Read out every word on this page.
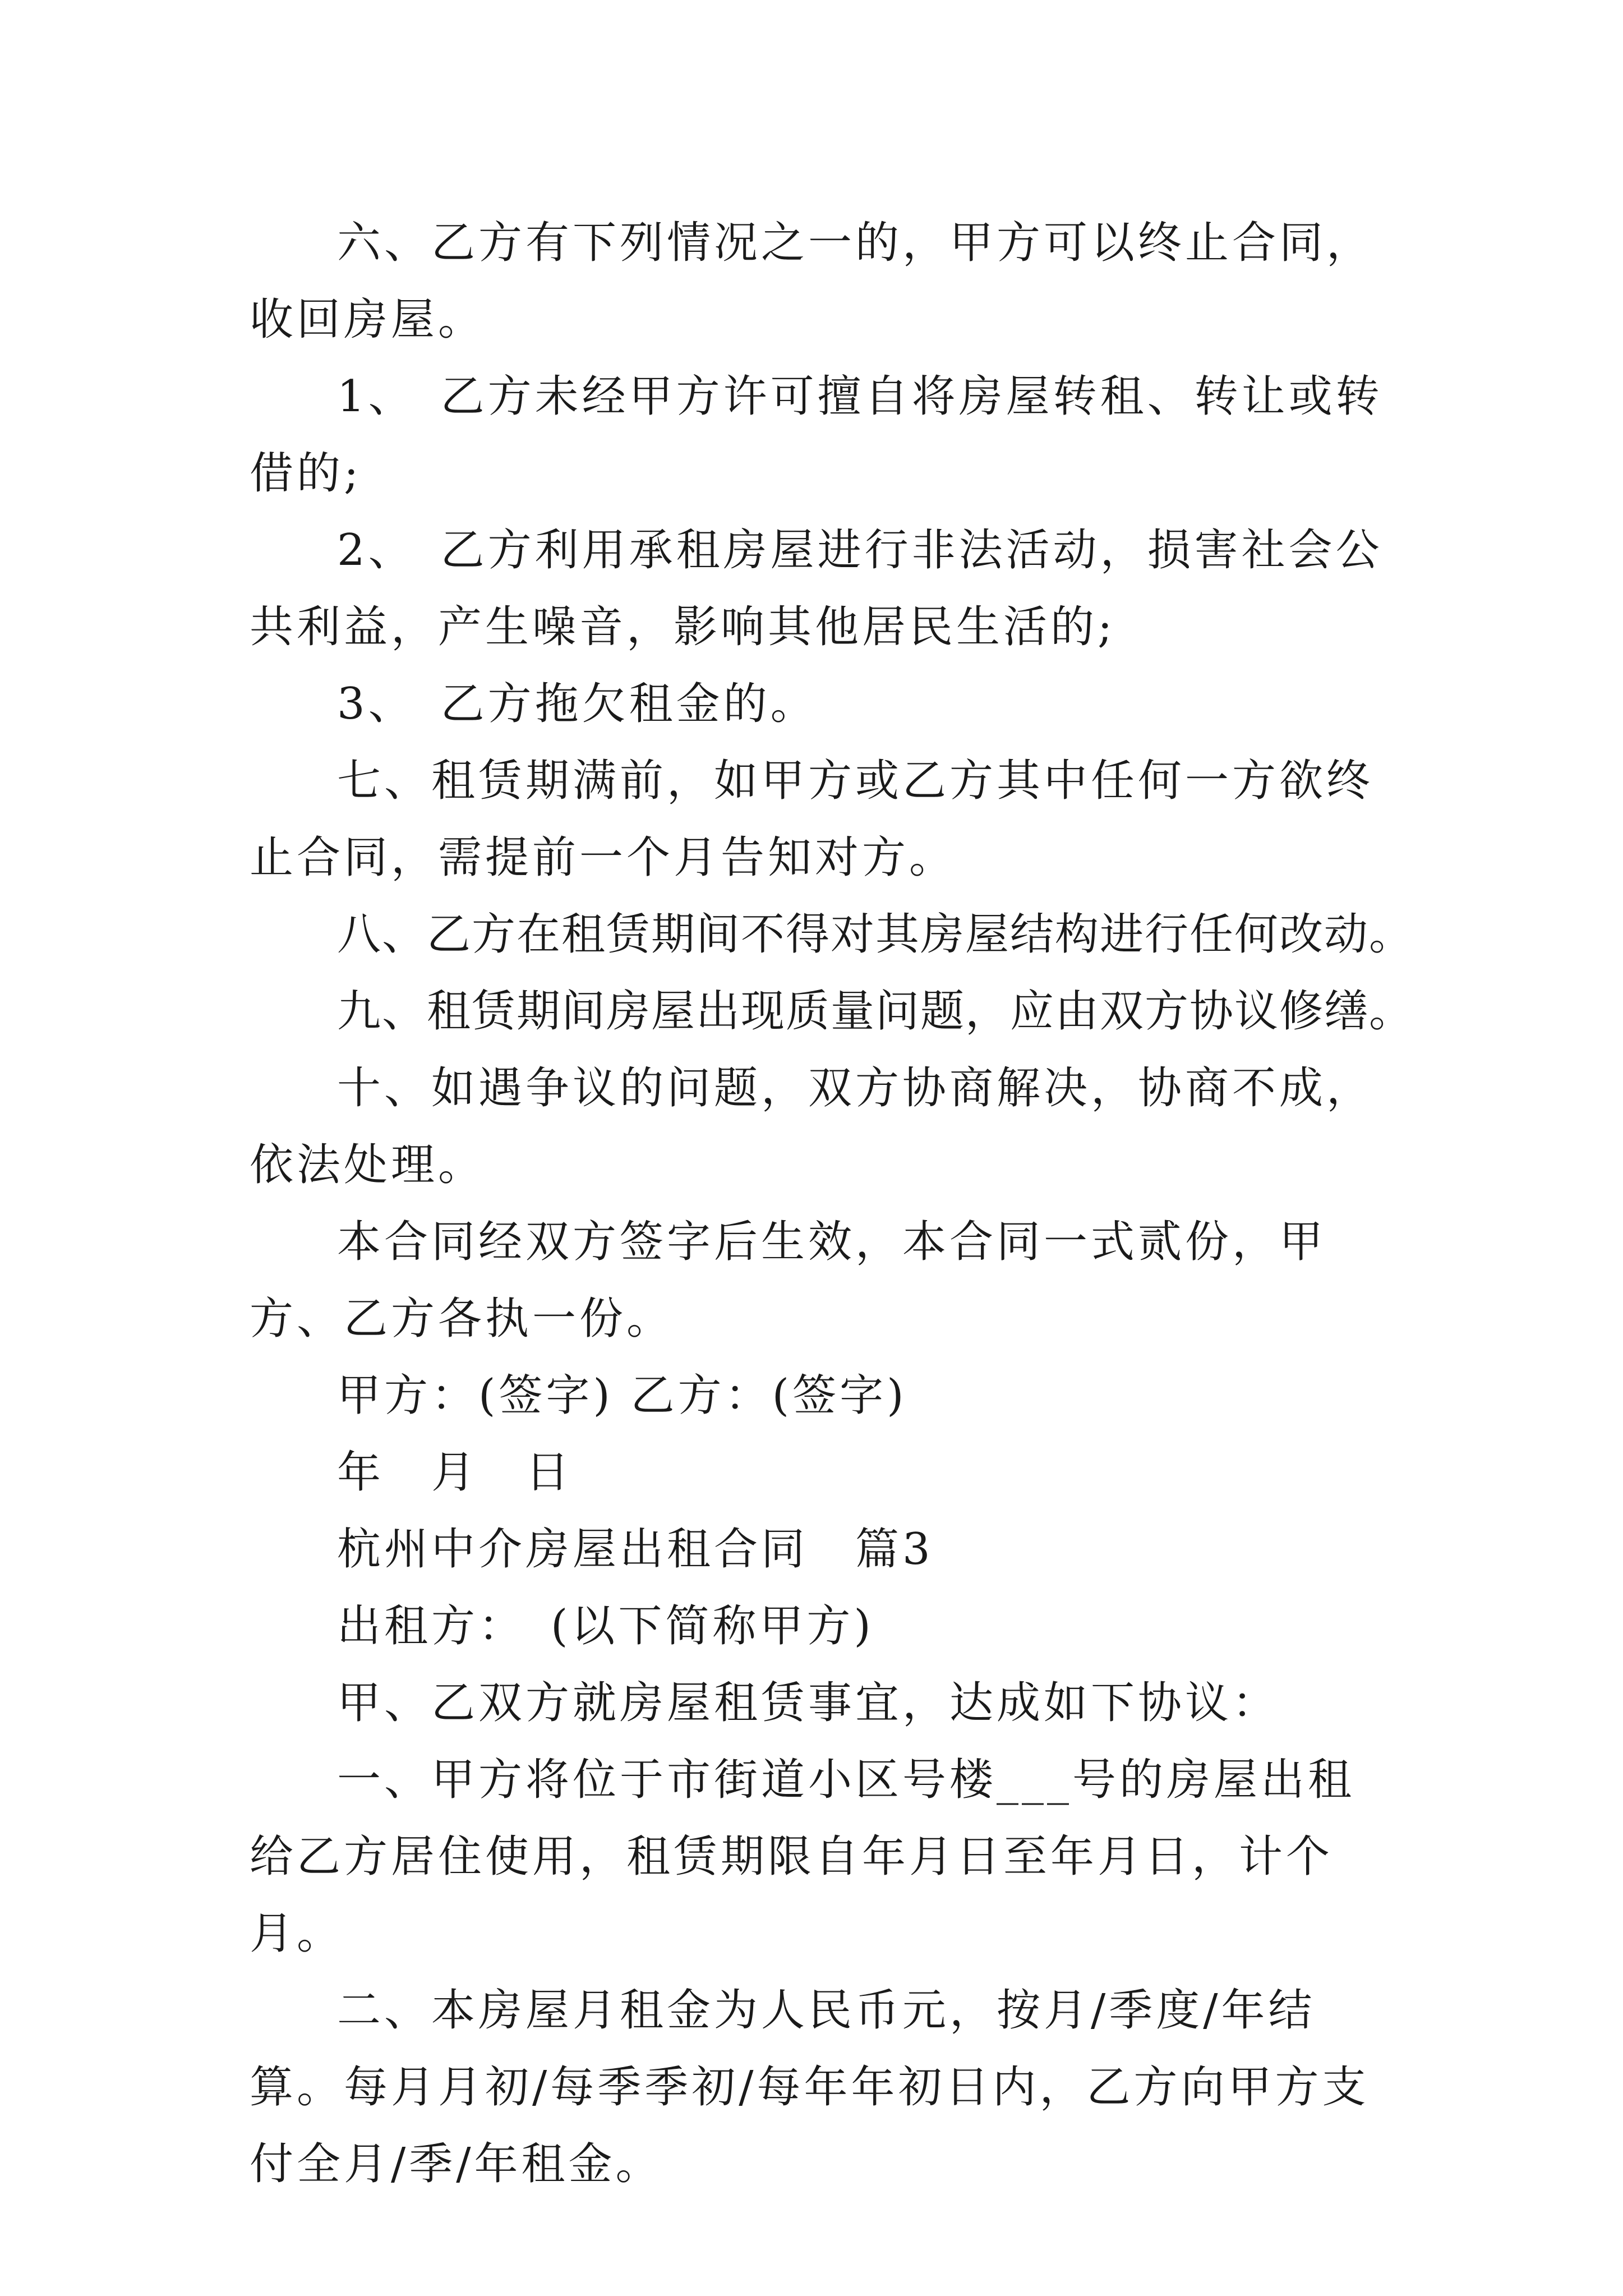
六、乙方有下列情况之一的，甲方可以终止合同，收回房屋。

1、　乙方未经甲方许可擅自将房屋转租、转让或转借的;

2、　乙方利用承租房屋进行非法活动，损害社会公共利益，产生噪音，影响其他居民生活的;

3、　乙方拖欠租金的。

七、租赁期满前，如甲方或乙方其中任何一方欲终止合同，需提前一个月告知对方。

八、乙方在租赁期间不得对其房屋结构进行任何改动。

九、租赁期间房屋出现质量问题，应由双方协议修缮。

十、如遇争议的问题，双方协商解决，协商不成，依法处理。

本合同经双方签字后生效，本合同一式贰份，甲方、乙方各执一份。

甲方：(签字) 乙方：(签字)

年　月　日

杭州中介房屋出租合同　篇3

出租方：　(以下简称甲方)

甲、乙双方就房屋租赁事宜，达成如下协议：

一、甲方将位于市街道小区号楼___号的房屋出租给乙方居住使用，租赁期限自年月日至年月日，计个月。

二、本房屋月租金为人民币元，按月/季度/年结算。每月月初/每季季初/每年年初日内，乙方向甲方支付全月/季/年租金。
